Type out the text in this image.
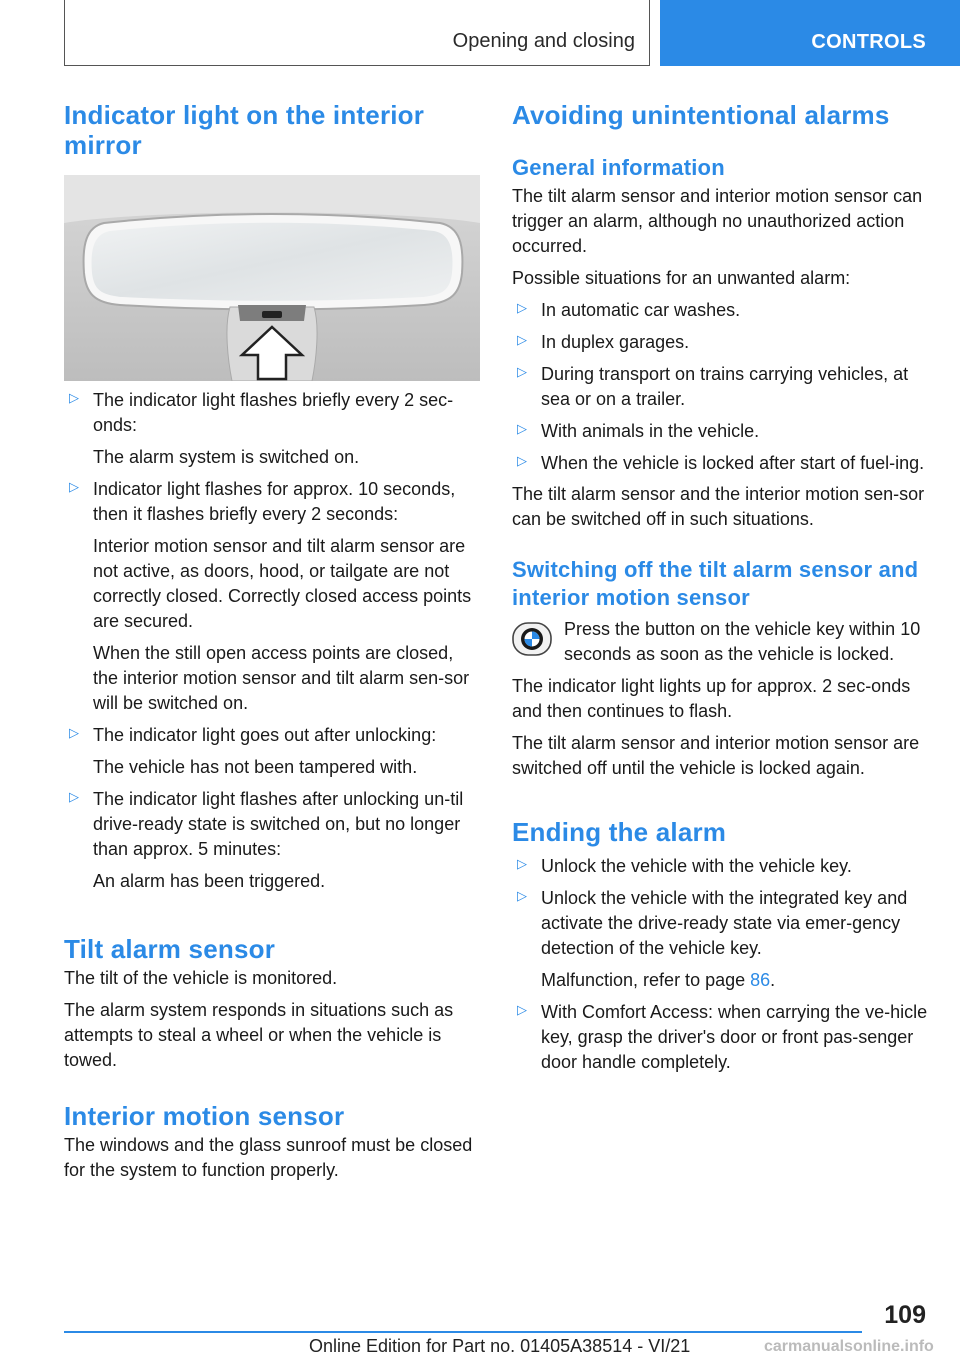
Opening and closing	CONTROLS
Indicator light on the interior mirror
▷ The indicator light flashes briefly every 2 sec‐onds:
The alarm system is switched on.
▷ Indicator light flashes for approx. 10 seconds, then it flashes briefly every 2 seconds:
Interior motion sensor and tilt alarm sensor are not active, as doors, hood, or tailgate are not correctly closed. Correctly closed access points are secured.
When the still open access points are closed, the interior motion sensor and tilt alarm sen‐sor will be switched on.
▷ The indicator light goes out after unlocking:
The vehicle has not been tampered with.
▷ The indicator light flashes after unlocking un‐til drive-ready state is switched on, but no longer than approx. 5 minutes:
An alarm has been triggered.
Tilt alarm sensor

The tilt of the vehicle is monitored.

The alarm system responds in situations such as attempts to steal a wheel or when the vehicle is towed.

Interior motion sensor

The windows and the glass sunroof must be closed for the system to function properly.

Avoiding unintentional alarms
General information

The tilt alarm sensor and interior motion sensor can trigger an alarm, although no unauthorized action occurred.

Possible situations for an unwanted alarm:

▷ In automatic car washes.
▷ In duplex garages.
▷ During transport on trains carrying vehicles, at sea or on a trailer.
▷ With animals in the vehicle.
▷ When the vehicle is locked after start of fuel‐ing.

The tilt alarm sensor and the interior motion sen‐sor can be switched off in such situations.

Switching off the tilt alarm sensor and interior motion sensor

Press the button on the vehicle key within 10 seconds as soon as the vehicle is locked.

The indicator light lights up for approx. 2 sec‐onds and then continues to flash.

The tilt alarm sensor and interior motion sensor are switched off until the vehicle is locked again.

Ending the alarm
▷ Unlock the vehicle with the vehicle key.
▷ Unlock the vehicle with the integrated key and activate the drive-ready state via emer‐gency detection of the vehicle key.
Malfunction, refer to page 86.
▷ With Comfort Access: when carrying the ve‐hicle key, grasp the driver's door or front pas‐senger door handle completely.
109
Online Edition for Part no. 01405A38514 - VI/21	carmanualsonline.info
